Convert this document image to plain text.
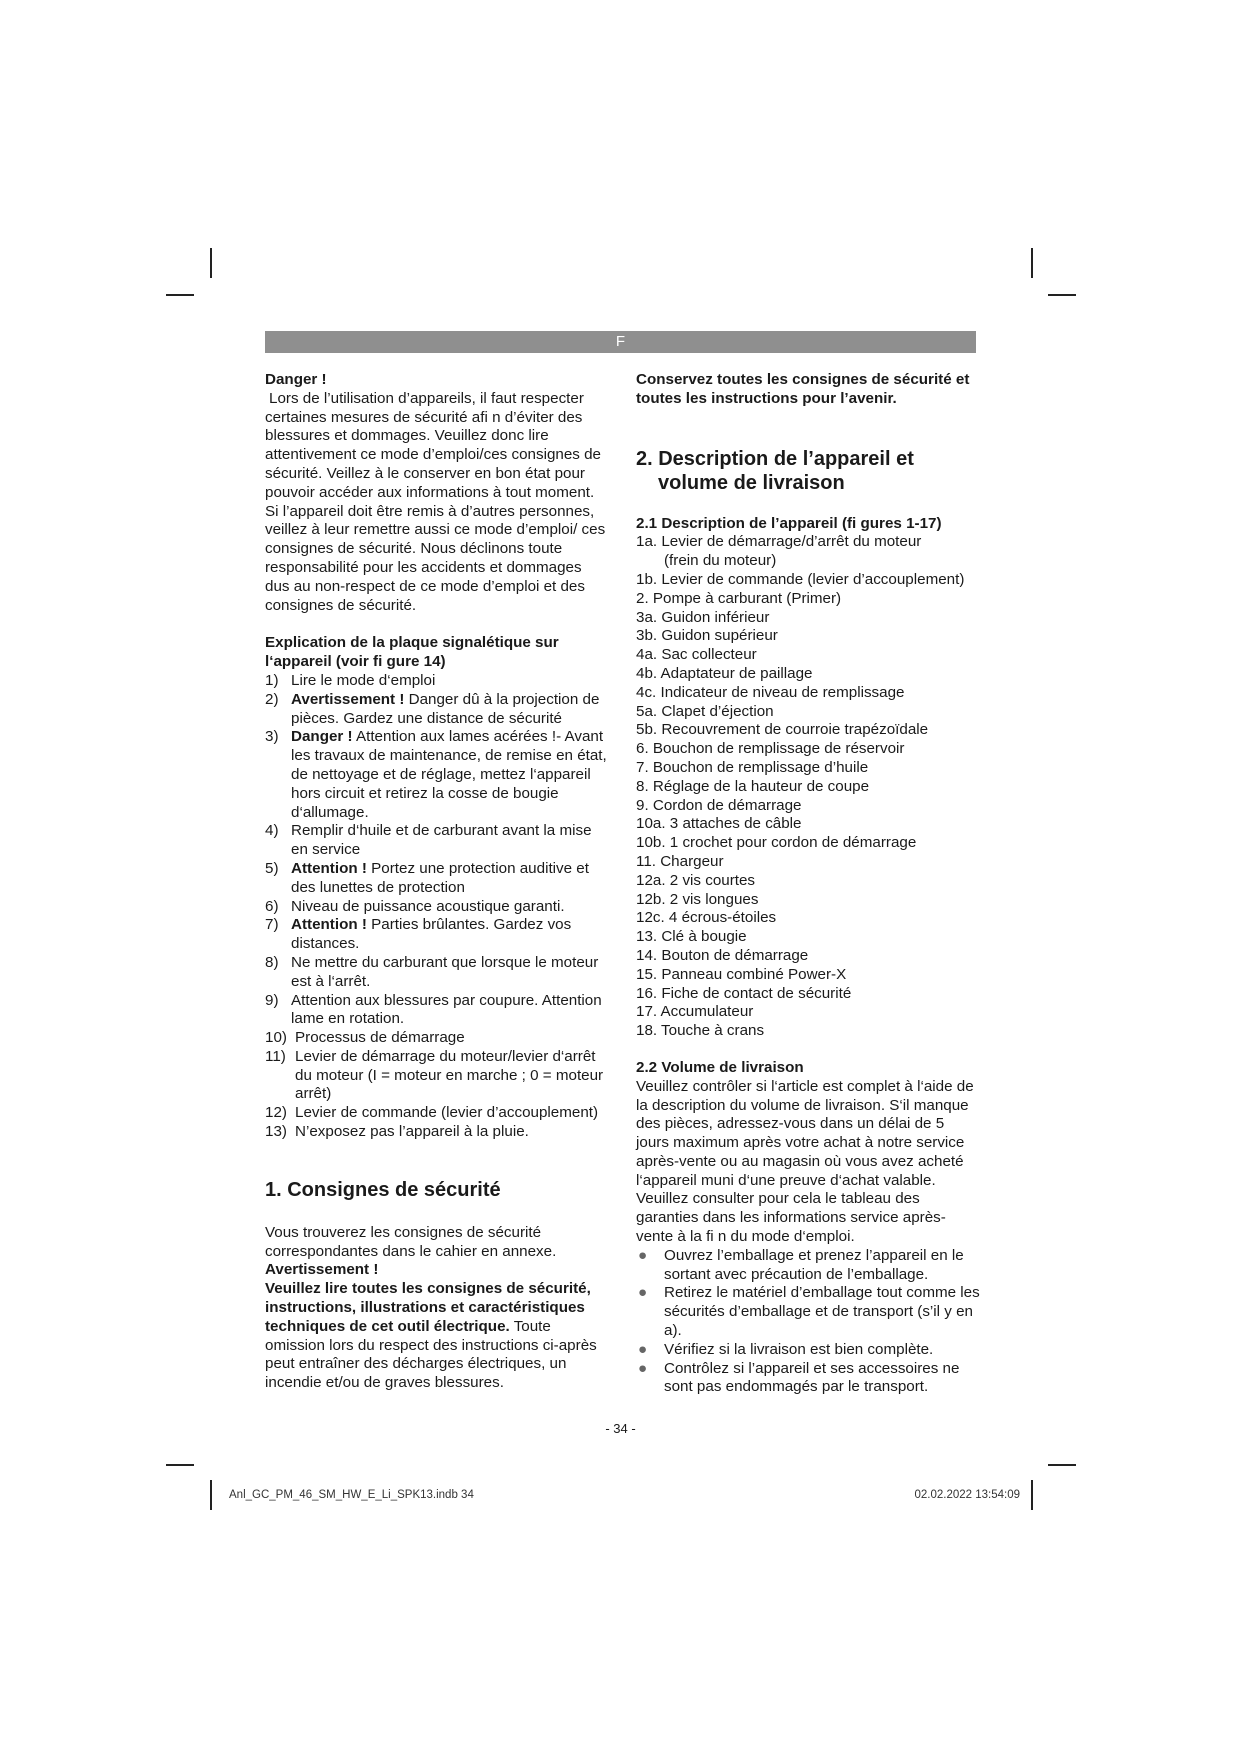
F

Danger !

Lors de l’utilisation d’appareils, il faut respecter certaines mesures de sécurité afi n d’éviter des blessures et dommages. Veuillez donc lire attentivement ce mode d’emploi/ces consignes de sécurité. Veillez à le conserver en bon état pour pouvoir accéder aux informations à tout moment. Si l’appareil doit être remis à d’autres personnes, veillez à leur remettre aussi ce mode d’emploi/ ces consignes de sécurité. Nous déclinons toute responsabilité pour les accidents et dommages dus au non-respect de ce mode d’emploi et des consignes de sécurité.

Explication de la plaque signalétique sur l‘appareil (voir fi gure 14)

1) Lire le mode d‘emploi
2) Avertissement ! Danger dû à la projection de pièces. Gardez une distance de sécurité
3) Danger ! Attention aux lames acérées !- Avant les travaux de maintenance, de remise en état, de nettoyage et de réglage, mettez l‘appareil hors circuit et retirez la cosse de bougie d‘allumage.
4) Remplir d‘huile et de carburant avant la mise en service
5) Attention ! Portez une protection auditive et des lunettes de protection
6) Niveau de puissance acoustique garanti.
7) Attention ! Parties brûlantes. Gardez vos distances.
8) Ne mettre du carburant que lorsque le moteur est à l‘arrêt.
9) Attention aux blessures par coupure. Attention lame en rotation.
10) Processus de démarrage
11) Levier de démarrage du moteur/levier d‘arrêt du moteur (I = moteur en marche ; 0 = moteur arrêt)
12) Levier de commande (levier d’accouplement)
13) N’exposez pas l’appareil à la pluie.

1. Consignes de sécurité

Vous trouverez les consignes de sécurité correspondantes dans le cahier en annexe.

Avertissement !

Veuillez lire toutes les consignes de sécurité, instructions, illustrations et caractéristiques techniques de cet outil électrique. Toute omission lors du respect des instructions ci-après peut entraîner des décharges électriques, un incendie et/ou de graves blessures.

Conservez toutes les consignes de sécurité et toutes les instructions pour l’avenir.

2. Description de l’appareil et volume de livraison

2.1 Description de l’appareil (fi gures 1-17)

1a. Levier de démarrage/d’arrêt du moteur
(frein du moteur)
1b. Levier de commande (levier d’accouplement)
2. Pompe à carburant (Primer)
3a. Guidon inférieur
3b. Guidon supérieur
4a. Sac collecteur
4b. Adaptateur de paillage
4c. Indicateur de niveau de remplissage
5a. Clapet d’éjection
5b. Recouvrement de courroie trapézoïdale
6. Bouchon de remplissage de réservoir
7. Bouchon de remplissage d’huile
8. Réglage de la hauteur de coupe
9. Cordon de démarrage
10a. 3 attaches de câble
10b. 1 crochet pour cordon de démarrage
11. Chargeur
12a. 2 vis courtes
12b. 2 vis longues
12c. 4 écrous-étoiles
13. Clé à bougie
14. Bouton de démarrage
15. Panneau combiné Power-X
16. Fiche de contact de sécurité
17. Accumulateur
18. Touche à crans

2.2 Volume de livraison

Veuillez contrôler si l‘article est complet à l‘aide de la description du volume de livraison. S‘il manque des pièces, adressez-vous dans un délai de 5 jours maximum après votre achat à notre service après-vente ou au magasin où vous avez acheté l‘appareil muni d‘une preuve d‘achat valable. Veuillez consulter pour cela le tableau des garanties dans les informations service après-vente à la fi n du mode d‘emploi.

● Ouvrez l’emballage et prenez l’appareil en le sortant avec précaution de l’emballage.
● Retirez le matériel d’emballage tout comme les sécurités d’emballage et de transport (s’il y en a).
● Vérifiez si la livraison est bien complète.
● Contrôlez si l’appareil et ses accessoires ne sont pas endommagés par le transport.
- 34 -
Anl_GC_PM_46_SM_HW_E_Li_SPK13.indb 34	02.02.2022 13:54:09
